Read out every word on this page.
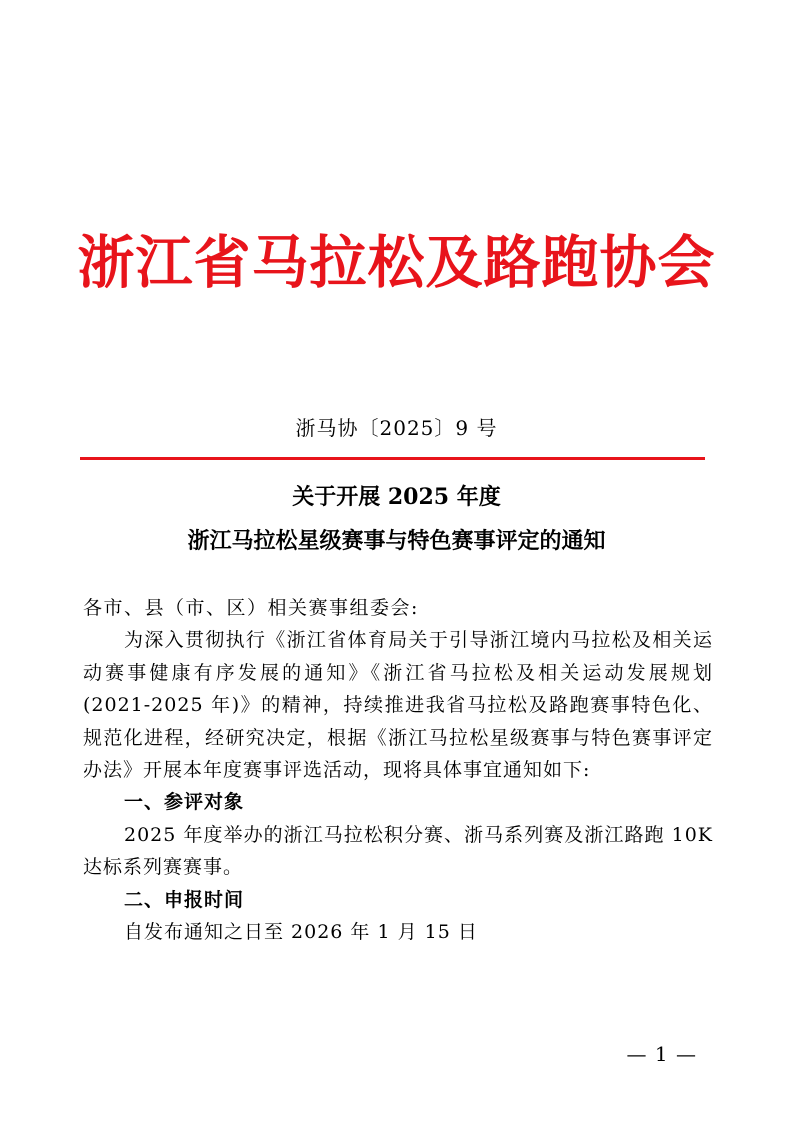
浙江省马拉松及路跑协会
浙马协〔2025〕9 号
关于开展 2025 年度
浙江马拉松星级赛事与特色赛事评定的通知

各市、县（市、区）相关赛事组委会:

为深入贯彻执行《浙江省体育局关于引导浙江境内马拉松及相关运动赛事健康有序发展的通知》《浙江省马拉松及相关运动发展规划(2021-2025 年)》的精神，持续推进我省马拉松及路跑赛事特色化、规范化进程，经研究决定，根据《浙江马拉松星级赛事与特色赛事评定办法》开展本年度赛事评选活动，现将具体事宜通知如下:

一、参评对象

2025 年度举办的浙江马拉松积分赛、浙马系列赛及浙江路跑 10K 达标系列赛赛事。

二、申报时间

自发布通知之日至 2026 年 1 月 15 日

— 1 —
